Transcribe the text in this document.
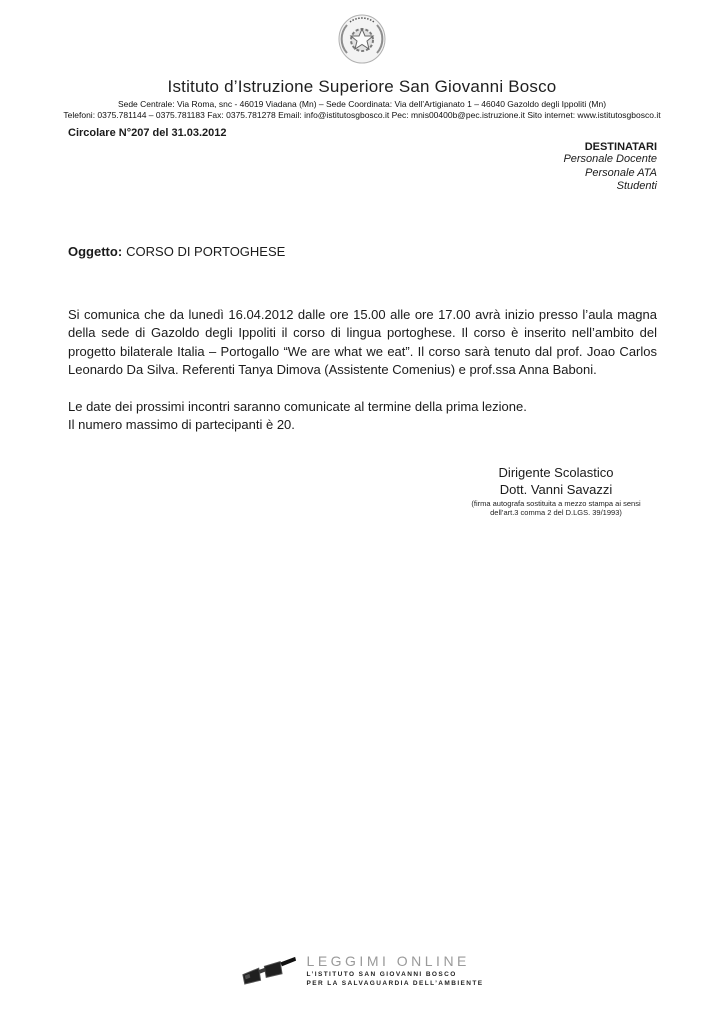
Istituto d’Istruzione Superiore San Giovanni Bosco
Sede Centrale: Via Roma, snc - 46019 Viadana (Mn) – Sede Coordinata: Via dell’Artigianato 1 – 46040 Gazoldo degli Ippoliti (Mn)
Telefoni: 0375.781144 – 0375.781183 Fax: 0375.781278 Email: info@istitutosgbosco.it Pec: mnis00400b@pec.istruzione.it Sito internet: www.istitutosgbosco.it
Circolare N°207 del 31.03.2012
DESTINATARI
Personale Docente
Personale ATA
Studenti
Oggetto: CORSO DI PORTOGHESE

Si comunica che da lunedì 16.04.2012 dalle ore 15.00 alle ore 17.00 avrà inizio presso l’aula magna della sede di Gazoldo degli Ippoliti il corso di lingua portoghese. Il corso è inserito nell’ambito del progetto bilaterale Italia – Portogallo “We are what we eat”. Il corso sarà tenuto dal prof. Joao Carlos Leonardo Da Silva. Referenti Tanya Dimova (Assistente Comenius) e prof.ssa Anna Baboni.

Le date dei prossimi incontri saranno comunicate al termine della prima lezione.
Il numero massimo di partecipanti è 20.

Dirigente Scolastico
Dott. Vanni Savazzi
(firma autografa sostituita a mezzo stampa ai sensi
dell’art.3 comma 2 del D.LGS. 39/1993)
LEGGIMI ONLINE
L’ISTITUTO SAN GIOVANNI BOSCO
PER LA SALVAGUARDIA DELL’AMBIENTE
